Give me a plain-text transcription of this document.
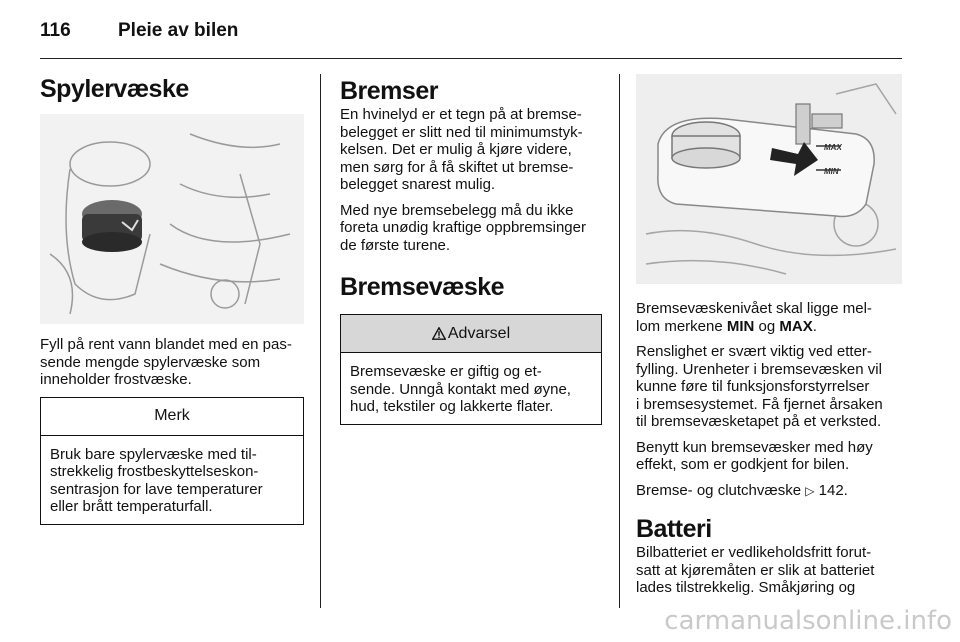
116 Pleie av bilen
Spylervæske

Fyll på rent vann blandet med en pas-
sende mengde spylervæske som
inneholder frostvæske.

Merk
Bruk bare spylervæske med til-
strekkelig frostbeskyttelseskon-
sentrasjon for lave temperaturer
eller brått temperaturfall.
Bremser

En hvinelyd er et tegn på at bremse-
belegget er slitt ned til minimumstyk-
kelsen. Det er mulig å kjøre videre,
men sørg for å få skiftet ut bremse-
belegget snarest mulig.

Med nye bremsebelegg må du ikke
foreta unødig kraftige oppbremsinger
de første turene.

Bremsevæske
Advarsel
Bremsevæske er giftig og et-
sende. Unngå kontakt med øyne,
hud, tekstiler og lakkerte flater.
MAX
MIN

Bremsevæskenivået skal ligge mel-
lom merkene MIN og MAX.

Renslighet er svært viktig ved etter-
fylling. Urenheter i bremsevæsken vil
kunne føre til funksjonsforstyrrelser
i bremsesystemet. Få fjernet årsaken
til bremsevæsketapet på et verksted.

Benytt kun bremsevæsker med høy
effekt, som er godkjent for bilen.

Bremse- og clutchvæske ▷ 142.

Batteri

Bilbatteriet er vedlikeholdsfritt forut-
satt at kjøremåten er slik at batteriet
lades tilstrekkelig. Småkjøring og

carmanualsonline.info
